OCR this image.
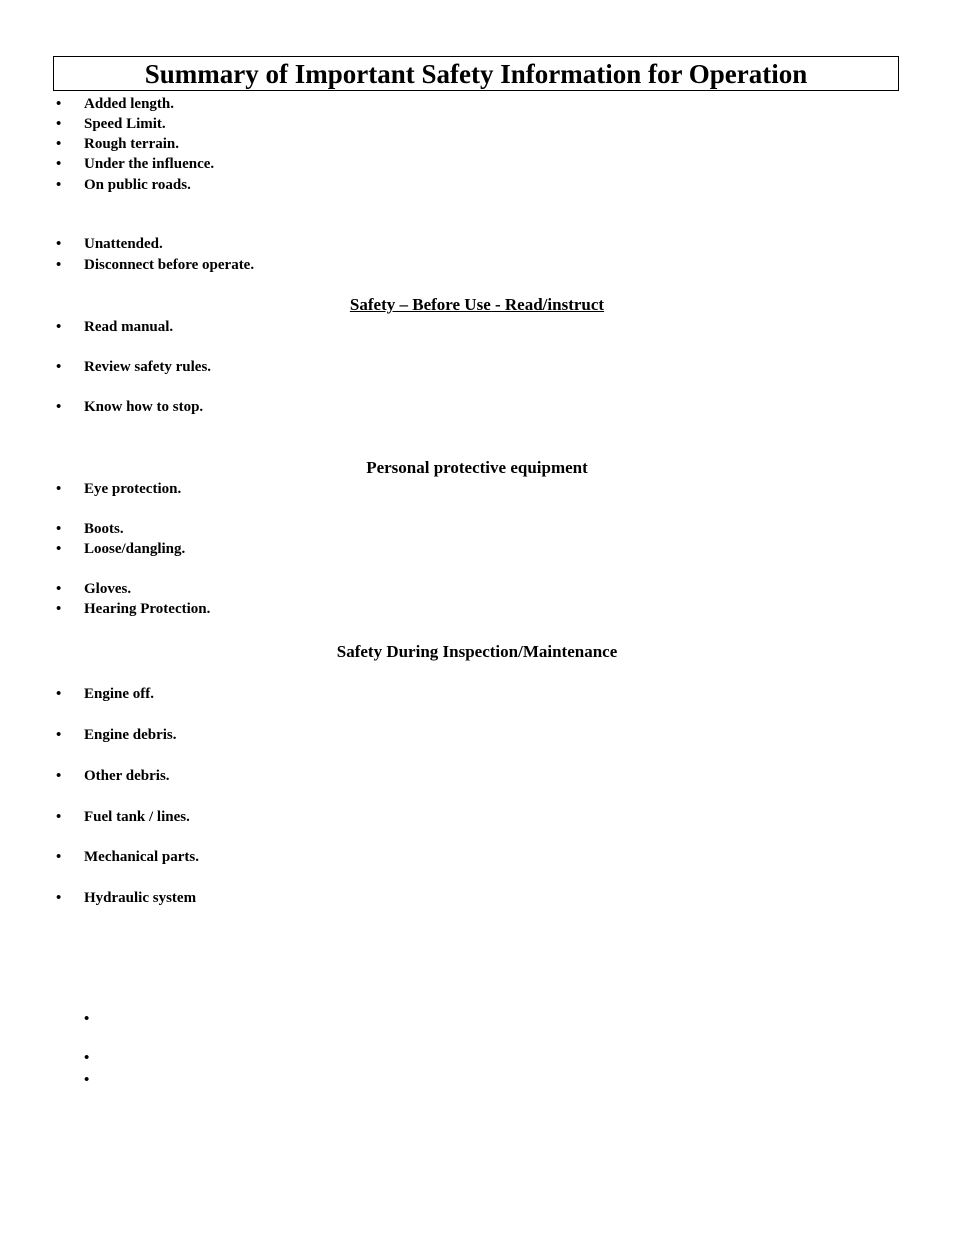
Summary of Important Safety Information for Operation
• Added length.
• Speed Limit.
• Rough terrain.
• Under the influence.
• On public roads.
• Unattended.
• Disconnect before operate.
Safety – Before Use - Read/instruct
• Read manual.
• Review safety rules.
• Know how to stop.
Personal protective equipment
• Eye protection.
• Boots.
• Loose/dangling.
• Gloves.
• Hearing Protection.
Safety During Inspection/Maintenance
• Engine off.
• Engine debris.
• Other debris.
• Fuel tank / lines.
• Mechanical parts.
• Hydraulic system
•
•
•
